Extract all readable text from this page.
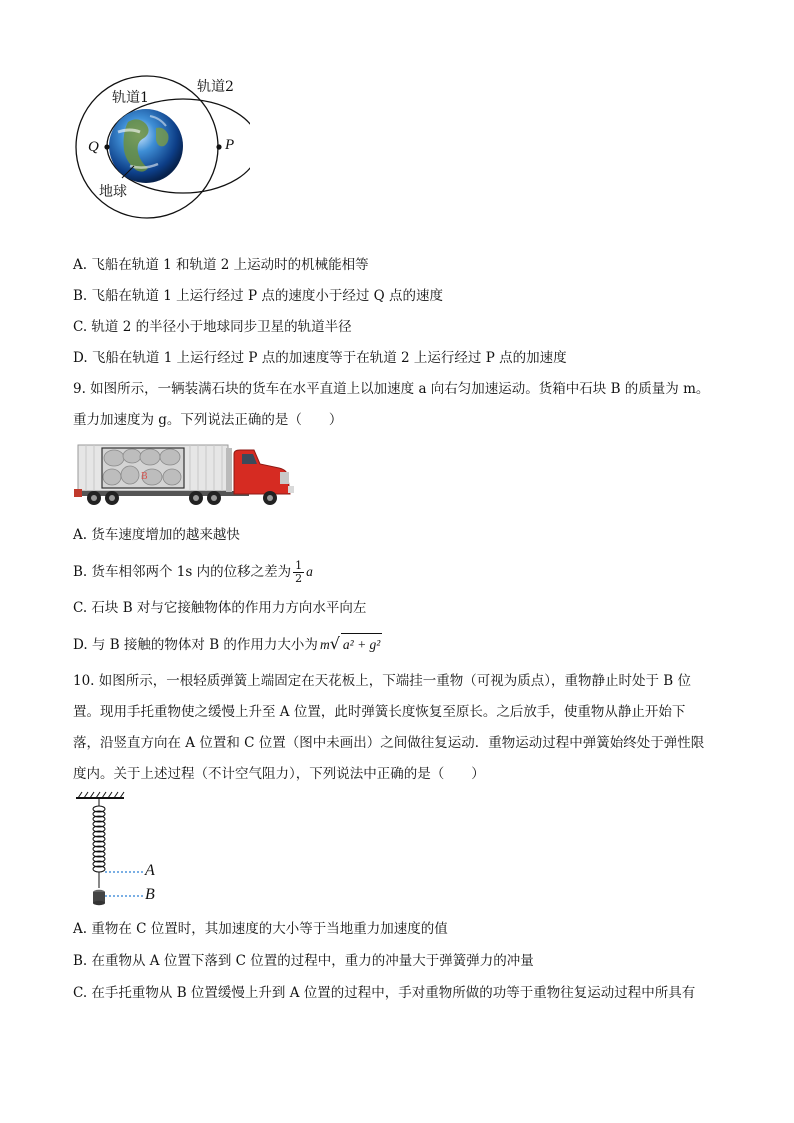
轨道1
轨道2
Q	P
地球
A. 飞船在轨道 1 和轨道 2 上运动时的机械能相等
B. 飞船在轨道 1 上运行经过 P 点的速度小于经过 Q 点的速度
C. 轨道 2 的半径小于地球同步卫星的轨道半径
D. 飞船在轨道 1 上运行经过 P 点的加速度等于在轨道 2 上运行经过 P 点的加速度
9. 如图所示，一辆装满石块的货车在水平直道上以加速度 a 向右匀加速运动。货箱中石块 B 的质量为 m。
重力加速度为 g。下列说法正确的是（　　）
B
A. 货车速度增加的越来越快
B. 货车相邻两个 1s 内的位移之差为 $\frac{1}{2}$ a
C. 石块 B 对与它接触物体的作用力方向水平向左
D. 与 B 接触的物体对 B 的作用力大小为 m√ a² + g²
10. 如图所示，一根轻质弹簧上端固定在天花板上，下端挂一重物（可视为质点），重物静止时处于 B 位
置。现用手托重物使之缓慢上升至 A 位置，此时弹簧长度恢复至原长。之后放手，使重物从静止开始下
落，沿竖直方向在 A 位置和 C 位置（图中未画出）之间做往复运动．重物运动过程中弹簧始终处于弹性限
度内。关于上述过程（不计空气阻力），下列说法中正确的是（　　）
A
B
A. 重物在 C 位置时，其加速度的大小等于当地重力加速度的值
B. 在重物从 A 位置下落到 C 位置的过程中，重力的冲量大于弹簧弹力的冲量
C. 在手托重物从 B 位置缓慢上升到 A 位置的过程中，手对重物所做的功等于重物往复运动过程中所具有
